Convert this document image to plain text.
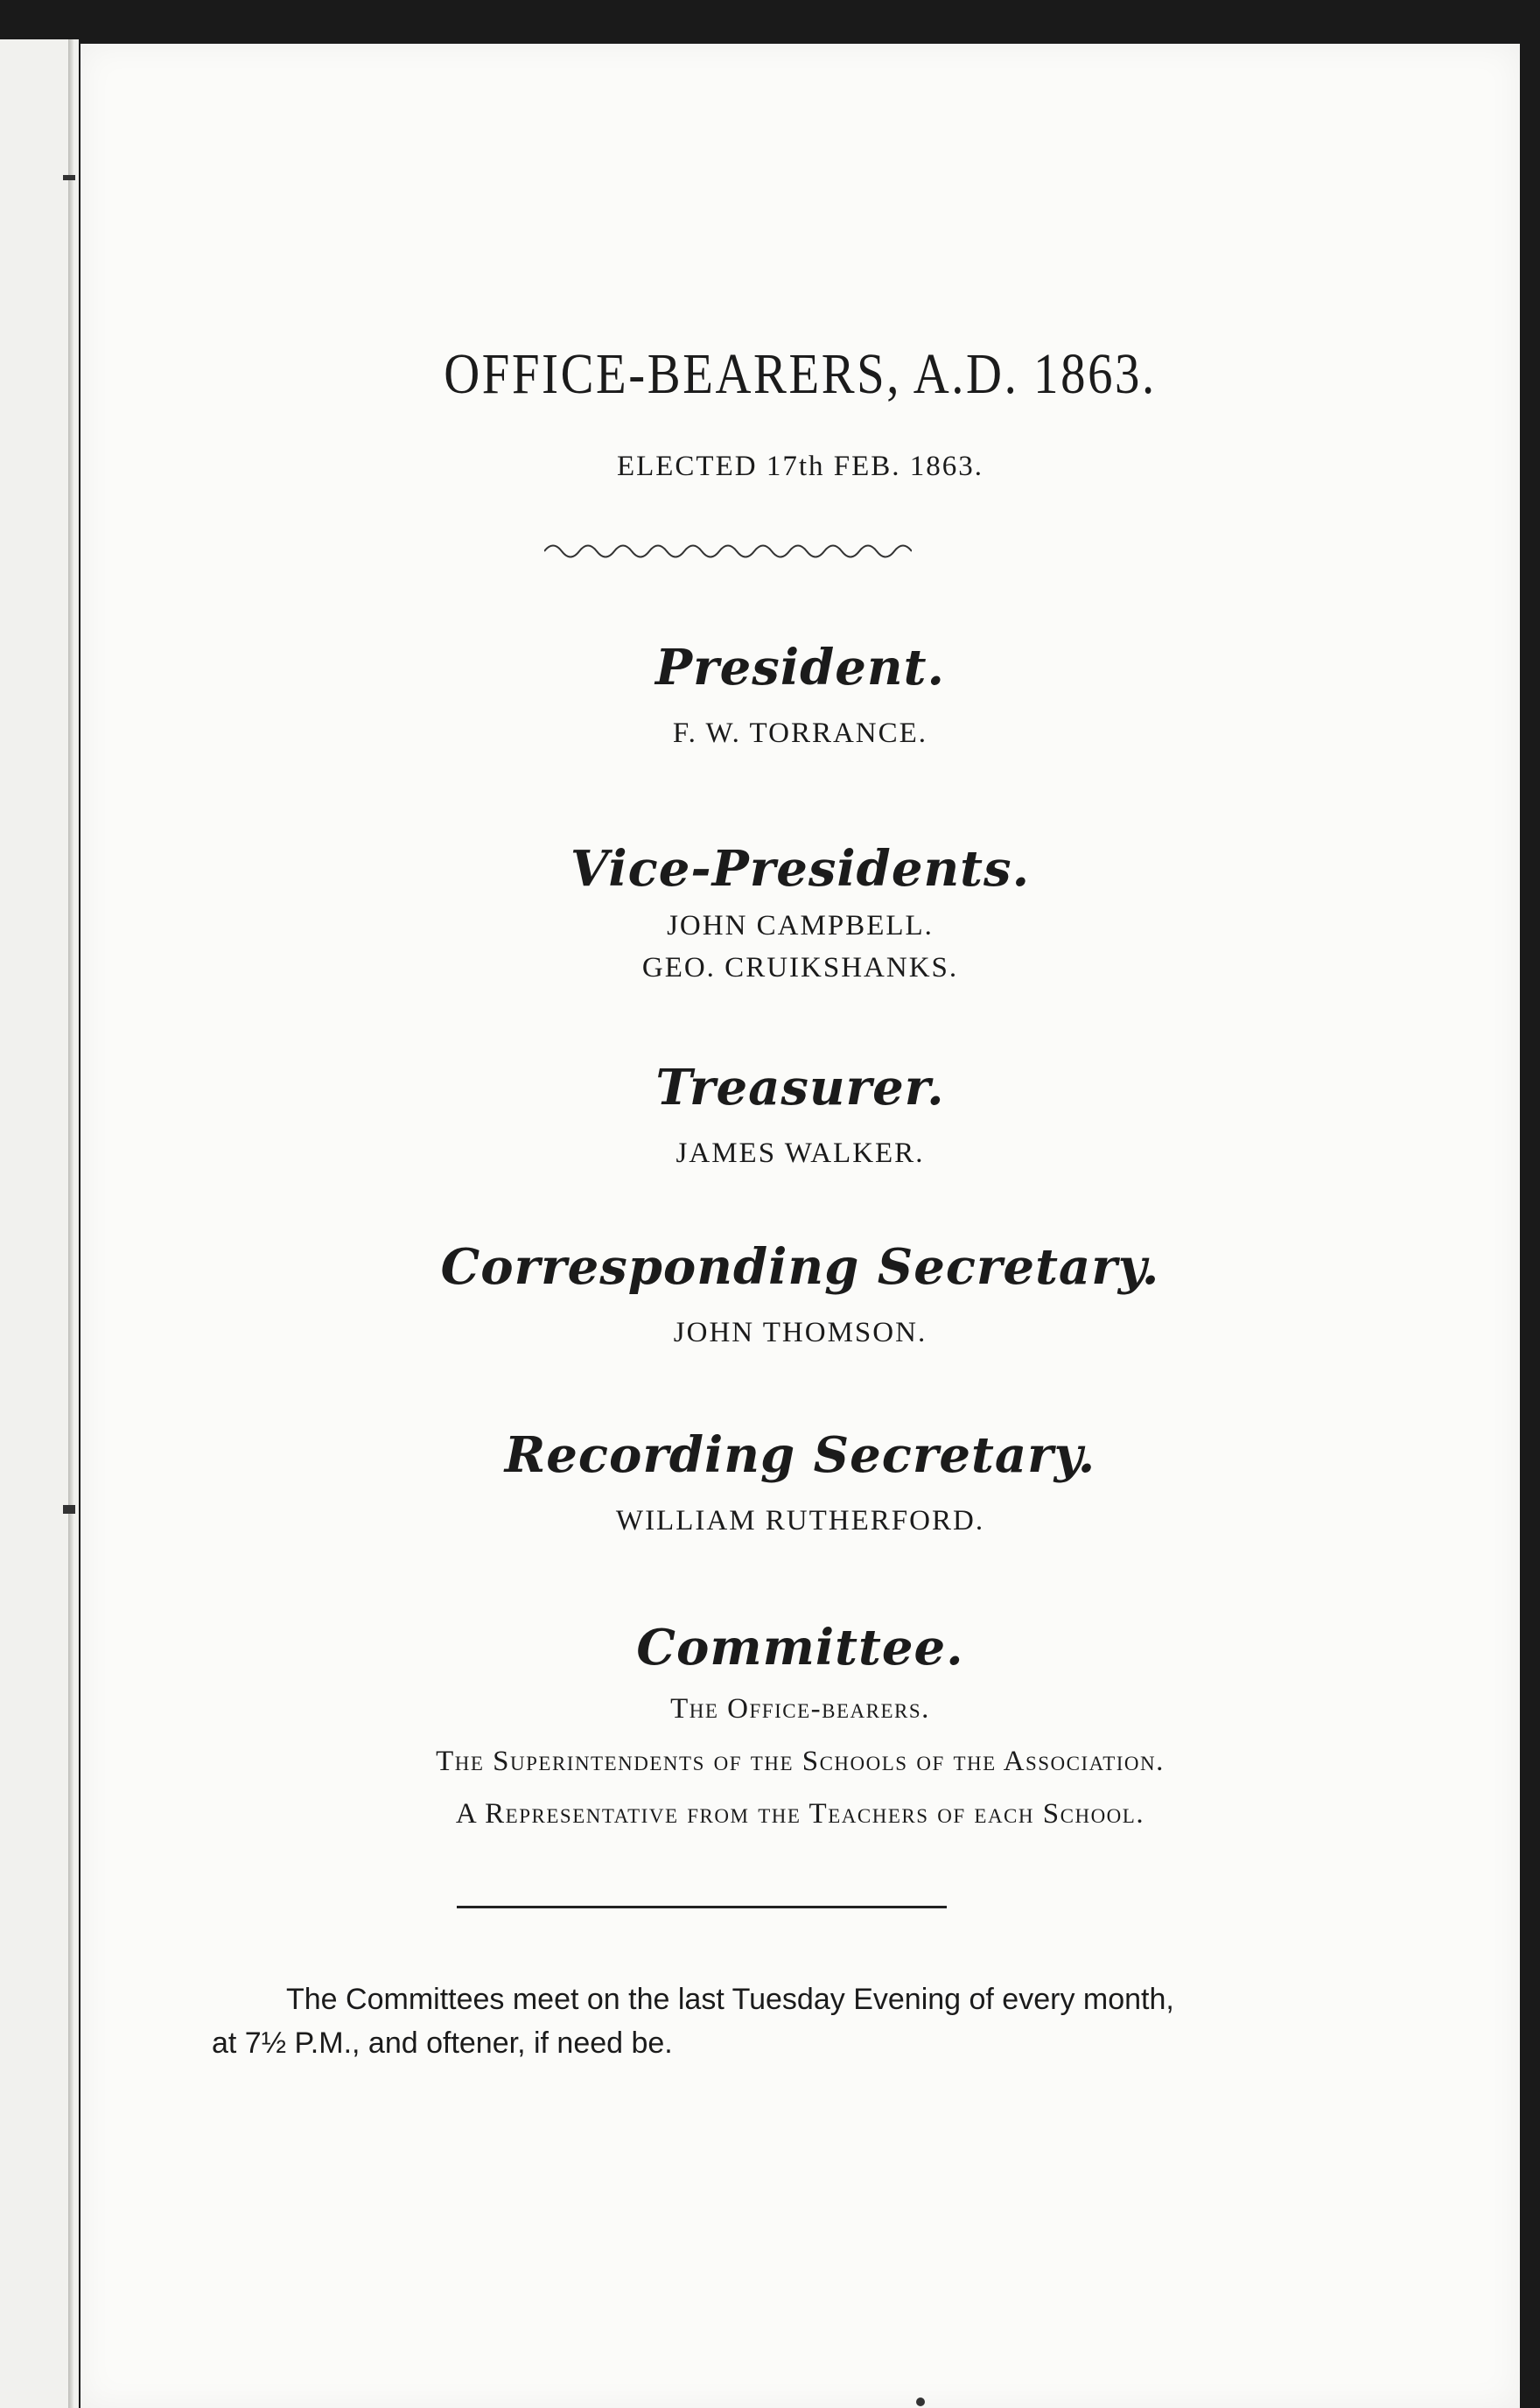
OFFICE-BEARERS, A.D. 1863.
ELECTED 17th FEB. 1863.
President.
F. W. TORRANCE.
Vice-Presidents.
JOHN CAMPBELL.
GEO. CRUIKSHANKS.
Treasurer.
JAMES WALKER.
Corresponding Secretary.
JOHN THOMSON.
Recording Secretary.
WILLIAM RUTHERFORD.
Committee.
The Office-bearers.
The Superintendents of the Schools of the Association.
A Representative from the Teachers of each School.
The Committees meet on the last Tuesday Evening of every month,
at 7½ P.M., and oftener, if need be.
